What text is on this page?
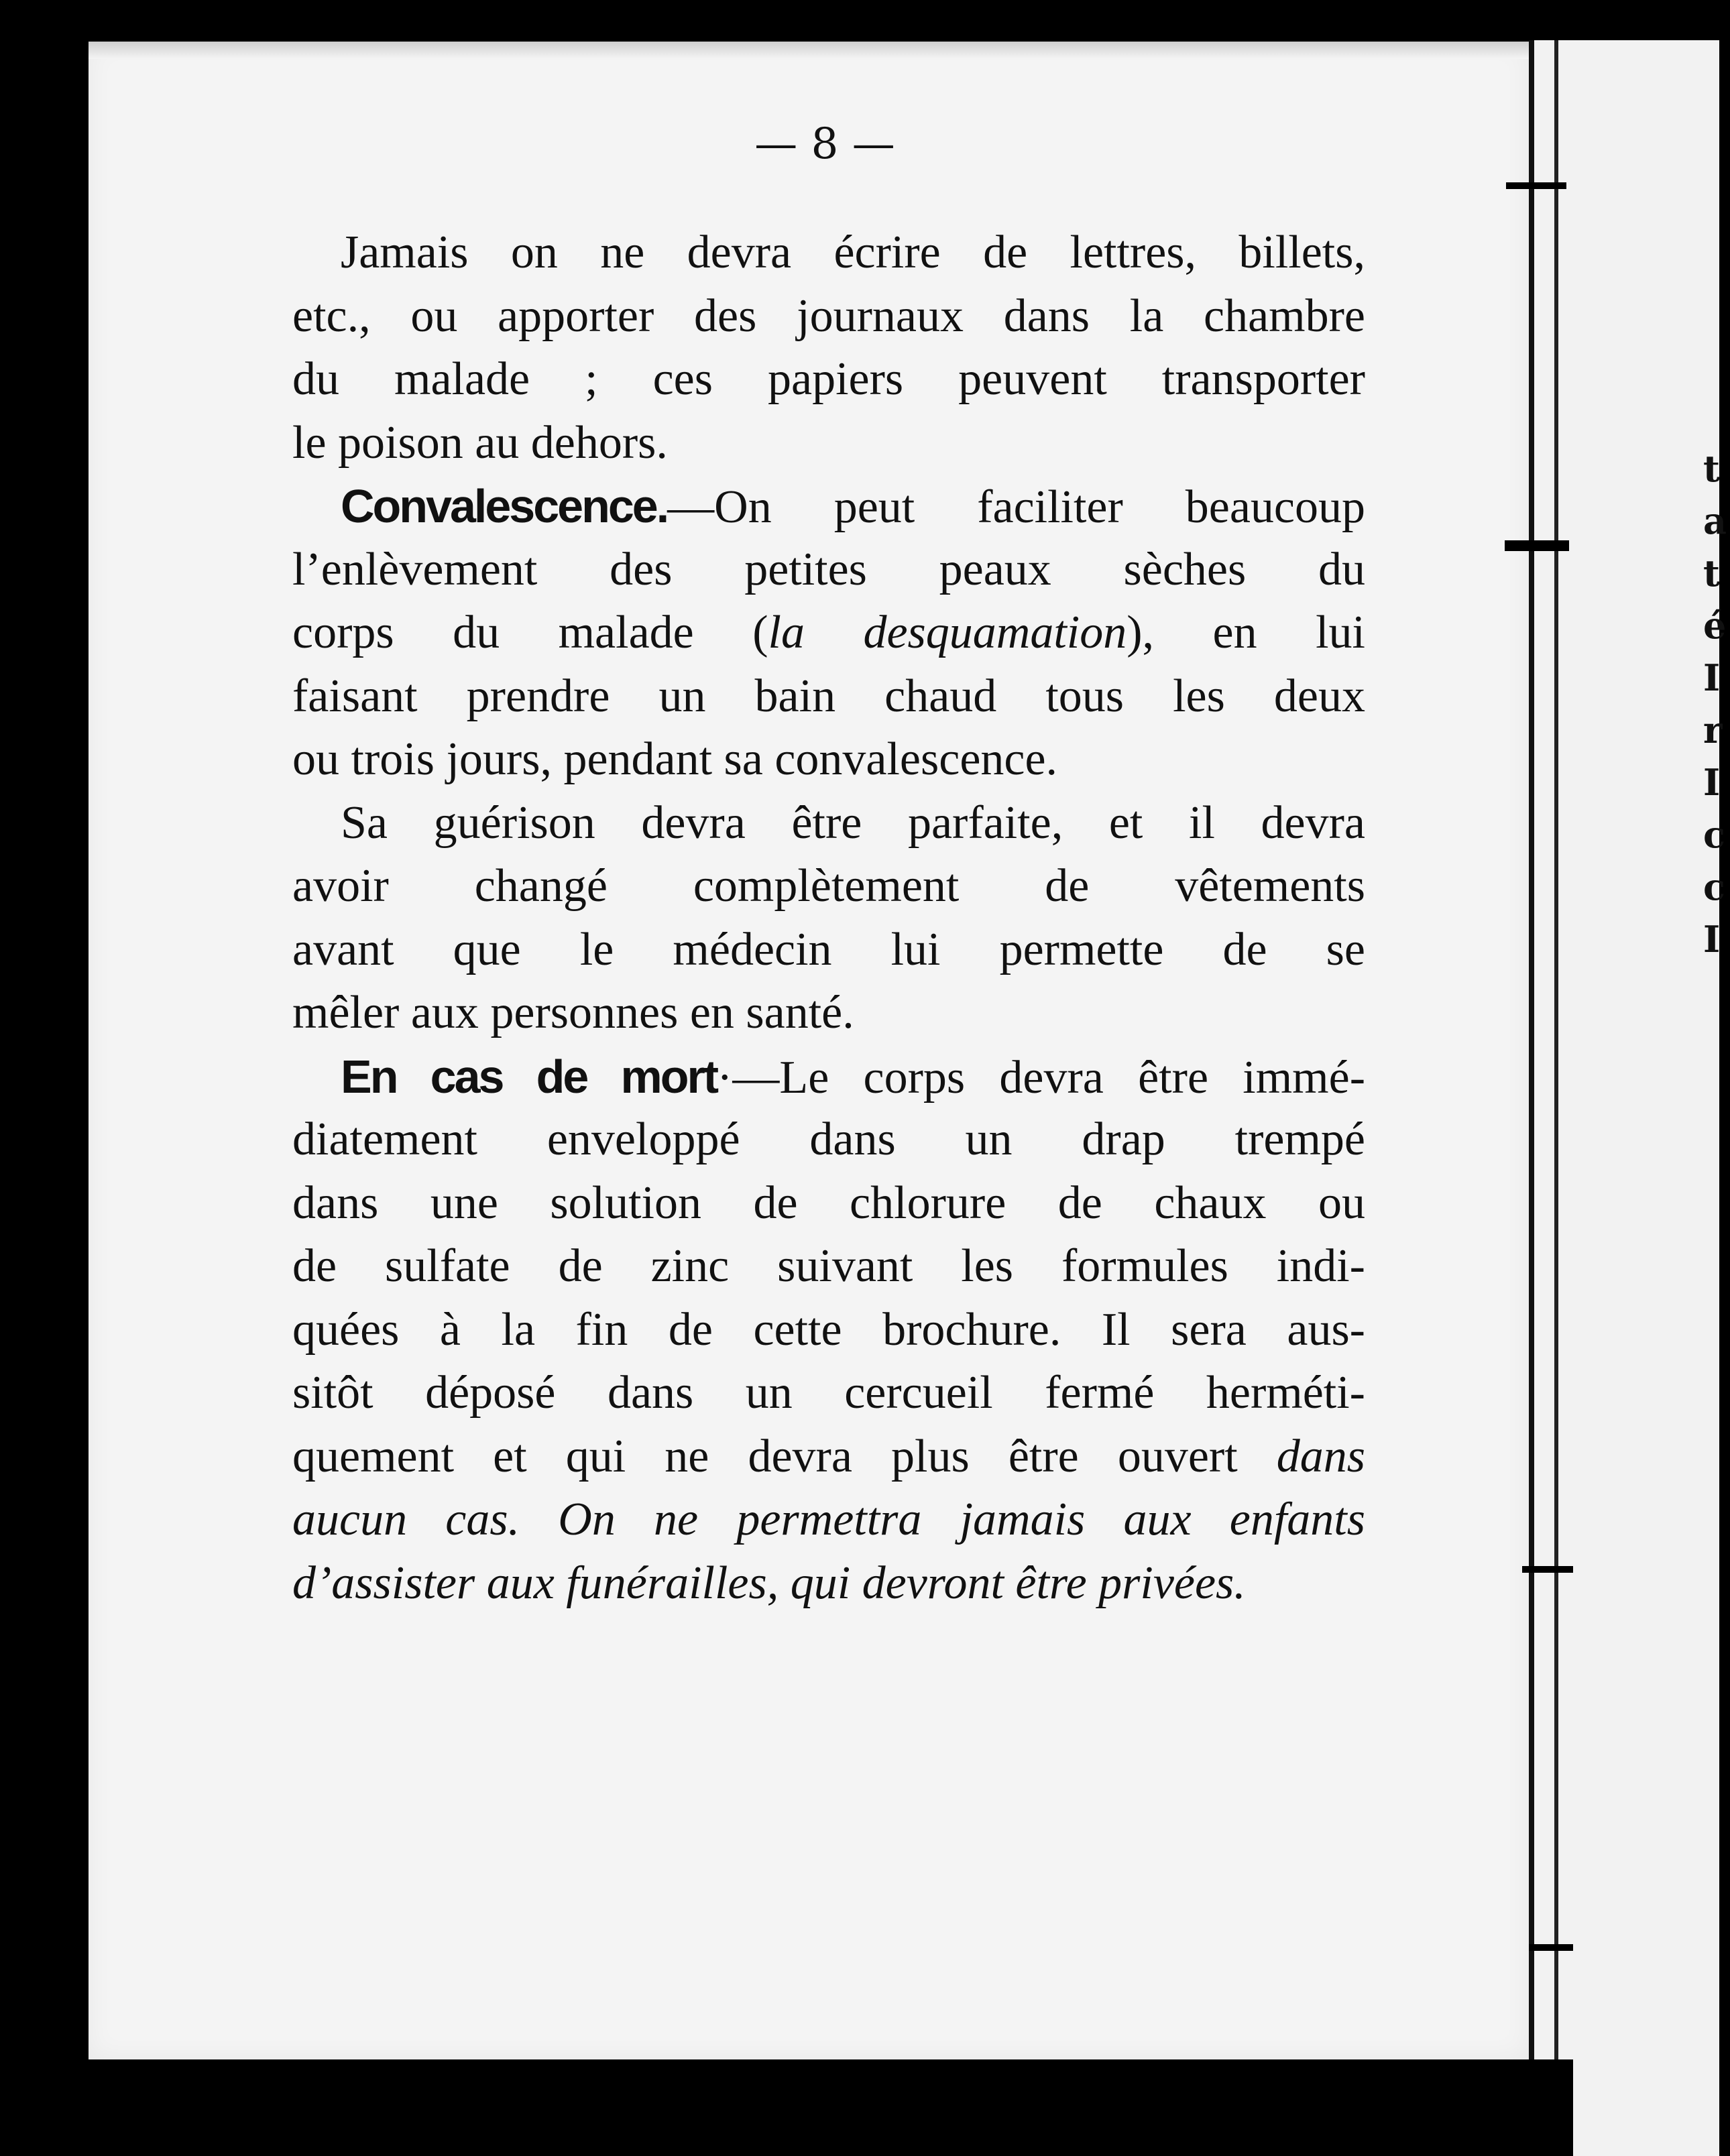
t
a
t
é
I
r
I
c
c
I
— 8 —
Jamais on ne devra écrire de lettres, billets,
etc., ou apporter des journaux dans la chambre
du malade ; ces papiers peuvent transporter
le poison au dehors.
Convalescence.—On peut faciliter beaucoup
l’enlèvement des petites peaux sèches du
corps du malade (la desquamation), en lui
faisant prendre un bain chaud tous les deux
ou trois jours, pendant sa convalescence.
Sa guérison devra être parfaite, et il devra
avoir changé complètement de vêtements
avant que le médecin lui permette de se
mêler aux personnes en santé.
En cas de mort·—Le corps devra être immé-
diatement enveloppé dans un drap trempé
dans une solution de chlorure de chaux ou
de sulfate de zinc suivant les formules indi-
quées à la fin de cette brochure. Il sera aus-
sitôt déposé dans un cercueil fermé herméti-
quement et qui ne devra plus être ouvert dans
aucun cas. On ne permettra jamais aux enfants
d’assister aux funérailles, qui devront être privées.
